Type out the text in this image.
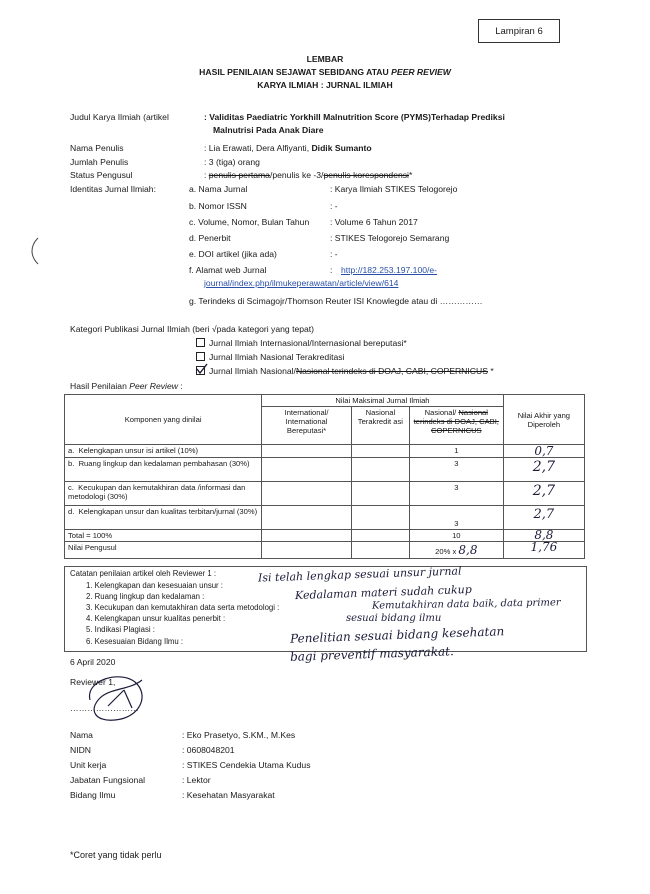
Lampiran 6
LEMBAR
HASIL PENILAIAN SEJAWAT SEBIDANG ATAU PEER REVIEW
KARYA ILMIAH : JURNAL ILMIAH
Judul Karya Ilmiah (artikel	: Validitas Paediatric Yorkhill Malnutrition Score (PYMS)Terhadap Prediksi
Malnutrisi Pada Anak Diare
Nama Penulis	: Lia Erawati, Dera Alfiyanti, Didik Sumanto
Jumlah Penulis	: 3 (tiga) orang
Status Pengusul	: penulis pertama/penulis ke -3/penulis korespondensi*
Identitas Jurnal Ilmiah:	a. Nama Jurnal	: Karya Ilmiah STIKES Telogorejo
b. Nomor ISSN	: -
c. Volume, Nomor, Bulan Tahun : Volume 6 Tahun 2017
d. Penerbit	: STIKES Telogorejo Semarang
e. DOI artikel (jika ada)	: -
f. Alamat web Jurnal	: http://182.253.197.100/e-
journal/index.php/ilmukeperawatan/article/view/614
g. Terindeks di Scimagojr/Thomson Reuter ISI Knowlegde atau di ……………
Kategori Publikasi Jurnal Ilmiah (beri √pada kategori yang tepat)
Jurnal Ilmiah Internasional/Internasional bereputasi*
Jurnal Ilmiah Nasional Terakreditasi
Jurnal Ilmiah Nasional/Nasional terindeks di DOAJ, CABI, COPERNICUS *
Hasil Penilaian Peer Review :
Komponen yang dinilai	Nilai Maksimal Jurnal Ilmiah			Nilai Akhir yang Diperoleh
	International/ International Bereputasi*	Nasional Terakredit asi	Nasional/ Nasional terindeks di DOAJ, CABI, COPERNICUS	
a. Kelengkapan unsur isi artikel (10%)			1	0,7
b. Ruang lingkup dan kedalaman pembahasan (30%)			3	2,7
c. Kecukupan dan kemutakhiran data /informasi dan metodologi (30%)			3	2,7
d. Kelengkapan unsur dan kualitas terbitan/jurnal (30%)			3	2,7
Total = 100%			10	8,8
Nilai Pengusul			20% x 8,8	1,76
Catatan penilaian artikel oleh Reviewer 1 :
1. Kelengkapan dan kesesuaian unsur :
2. Ruang lingkup dan kedalaman :
3. Kecukupan dan kemutakhiran data serta metodologi :
4. Kelengkapan unsur kualitas penerbit :
5. Indikasi Plagiasi :
6. Kesesuaian Bidang Ilmu :
Isi telah lengkap sesuai unsur jurnal
Kedalaman materi sudah cukup
Kemutakhiran data baik, data primer
sesuai bidang ilmu
Penelitian sesuai bidang kesehatan
bagi preventif masyarakat.
6 April 2020
Reviewer 1,
……………………
Nama	: Eko Prasetyo, S.KM., M.Kes
NIDN	: 0608048201
Unit kerja	: STIKES Cendekia Utama Kudus
Jabatan Fungsional	: Lektor
Bidang Ilmu	: Kesehatan Masyarakat
*Coret yang tidak perlu
